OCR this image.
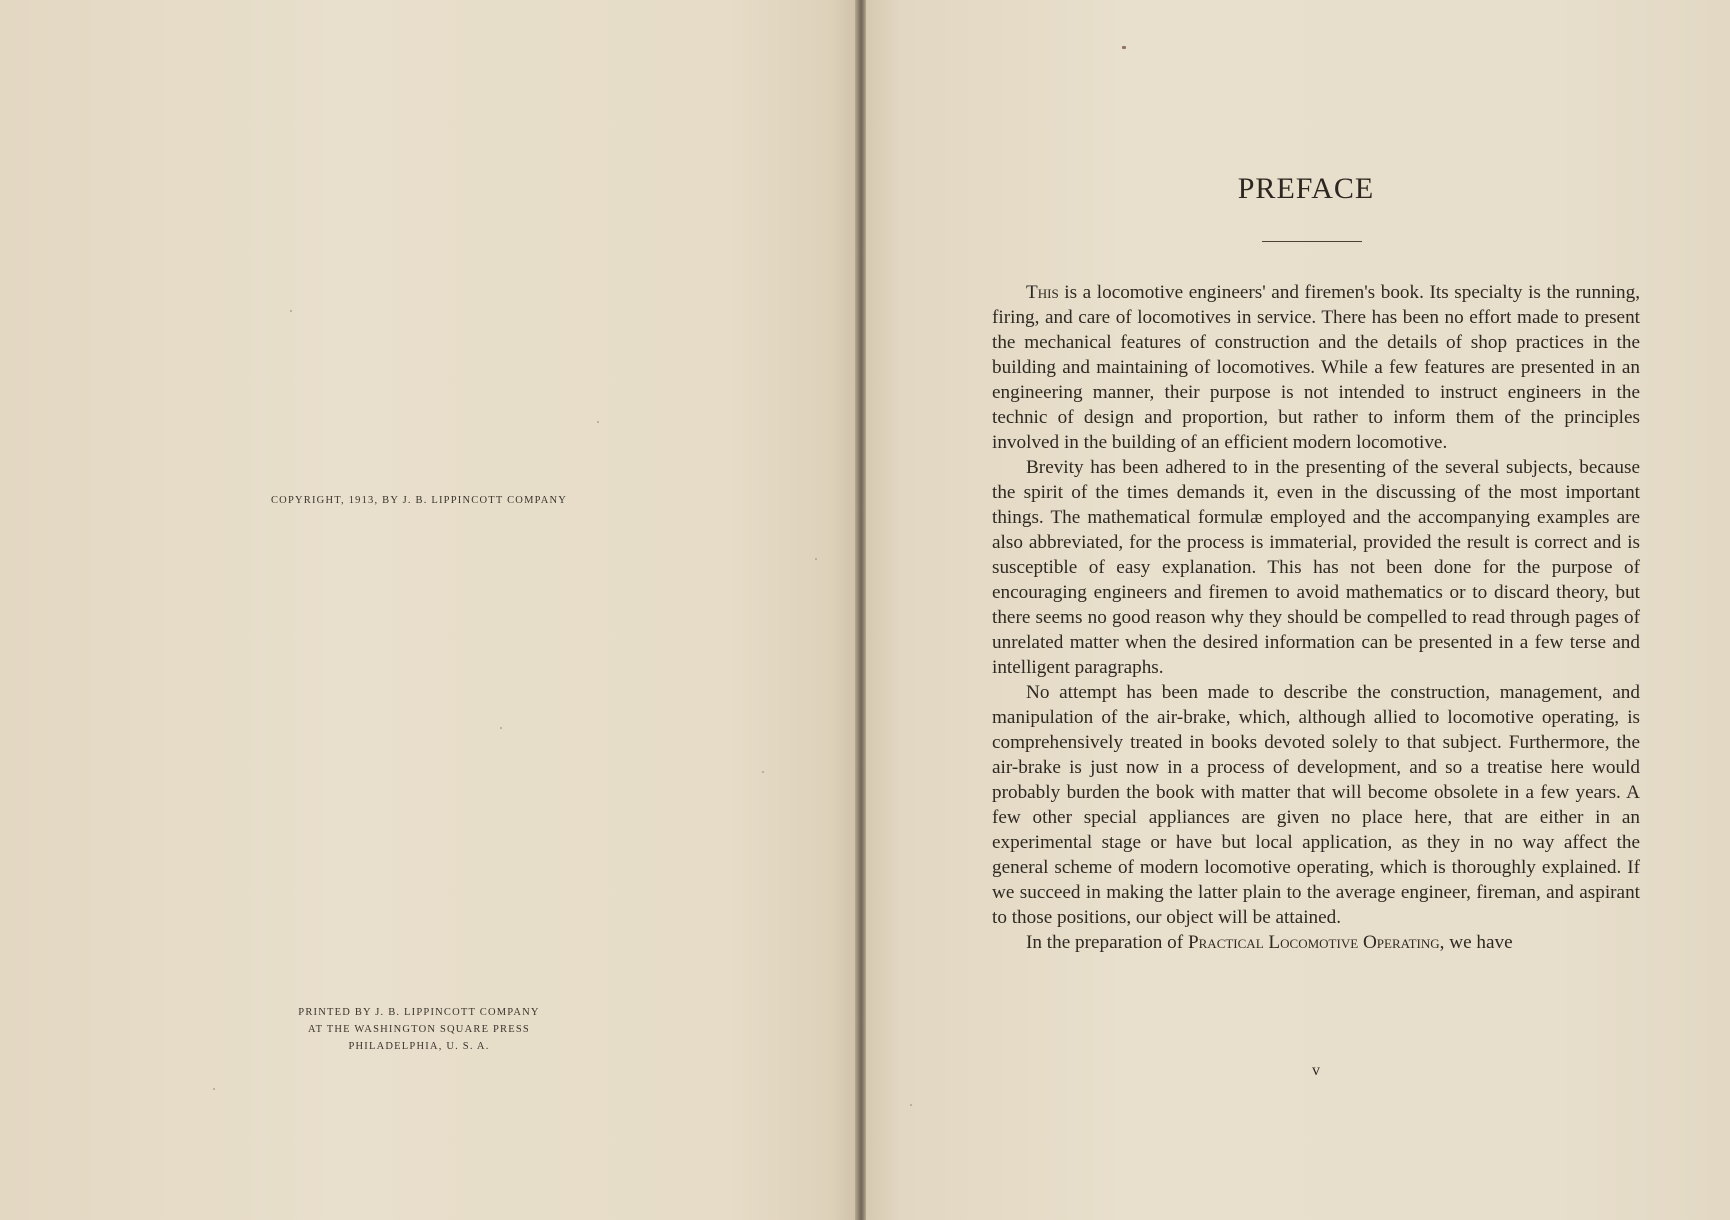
COPYRIGHT, 1913, BY J. B. LIPPINCOTT COMPANY
PRINTED BY J. B. LIPPINCOTT COMPANY
AT THE WASHINGTON SQUARE PRESS
PHILADELPHIA, U. S. A.
PREFACE

This is a locomotive engineers' and firemen's book. Its specialty is the running, firing, and care of locomotives in service. There has been no effort made to present the mechanical features of construction and the details of shop practices in the building and maintaining of locomotives. While a few features are presented in an engineering manner, their purpose is not intended to instruct engineers in the technic of design and proportion, but rather to inform them of the principles involved in the building of an efficient modern locomotive.

Brevity has been adhered to in the presenting of the several subjects, because the spirit of the times demands it, even in the discussing of the most important things. The mathematical formulæ employed and the accompanying examples are also abbreviated, for the process is immaterial, provided the result is correct and is susceptible of easy explanation. This has not been done for the purpose of encouraging engineers and firemen to avoid mathematics or to discard theory, but there seems no good reason why they should be compelled to read through pages of unrelated matter when the desired information can be presented in a few terse and intelligent paragraphs.

No attempt has been made to describe the construction, management, and manipulation of the air-brake, which, although allied to locomotive operating, is comprehensively treated in books devoted solely to that subject. Furthermore, the air-brake is just now in a process of development, and so a treatise here would probably burden the book with matter that will become obsolete in a few years. A few other special appliances are given no place here, that are either in an experimental stage or have but local application, as they in no way affect the general scheme of modern locomotive operating, which is thoroughly explained. If we succeed in making the latter plain to the average engineer, fireman, and aspirant to those positions, our object will be attained.

In the preparation of Practical Locomotive Operating, we have

v
